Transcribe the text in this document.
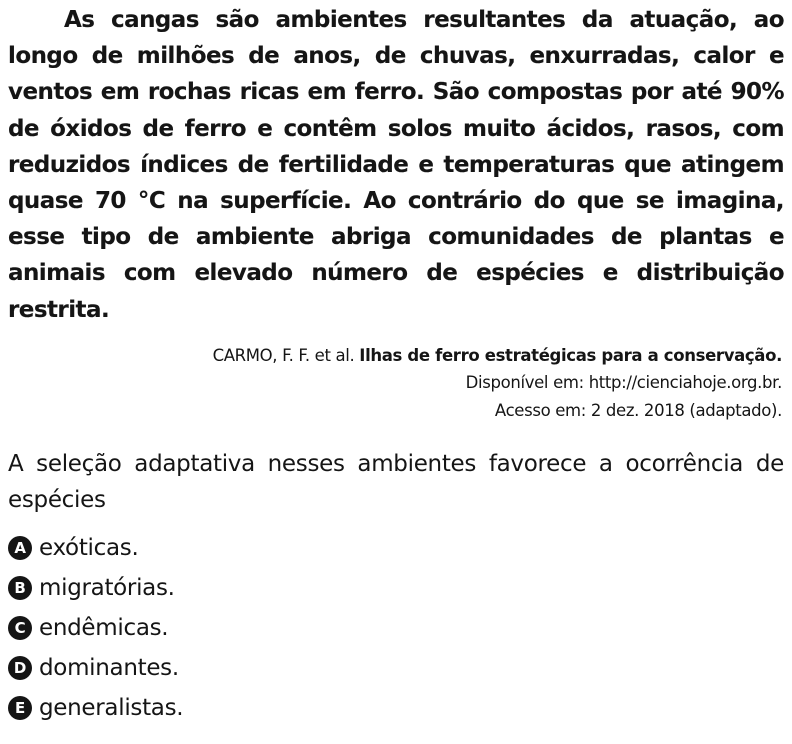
As cangas são ambientes resultantes da atuação, ao longo de milhões de anos, de chuvas, enxurradas, calor e ventos em rochas ricas em ferro. São compostas por até 90% de óxidos de ferro e contêm solos muito ácidos, rasos, com reduzidos índices de fertilidade e temperaturas que atingem quase 70 °C na superfície. Ao contrário do que se imagina, esse tipo de ambiente abriga comunidades de plantas e animais com elevado número de espécies e distribuição restrita.

CARMO, F. F. et al. Ilhas de ferro estratégicas para a conservação.
Disponível em: http://cienciahoje.org.br.
Acesso em: 2 dez. 2018 (adaptado).

A seleção adaptativa nesses ambientes favorece a ocorrência de espécies

A exóticas.
B migratórias.
C endêmicas.
D dominantes.
E generalistas.
